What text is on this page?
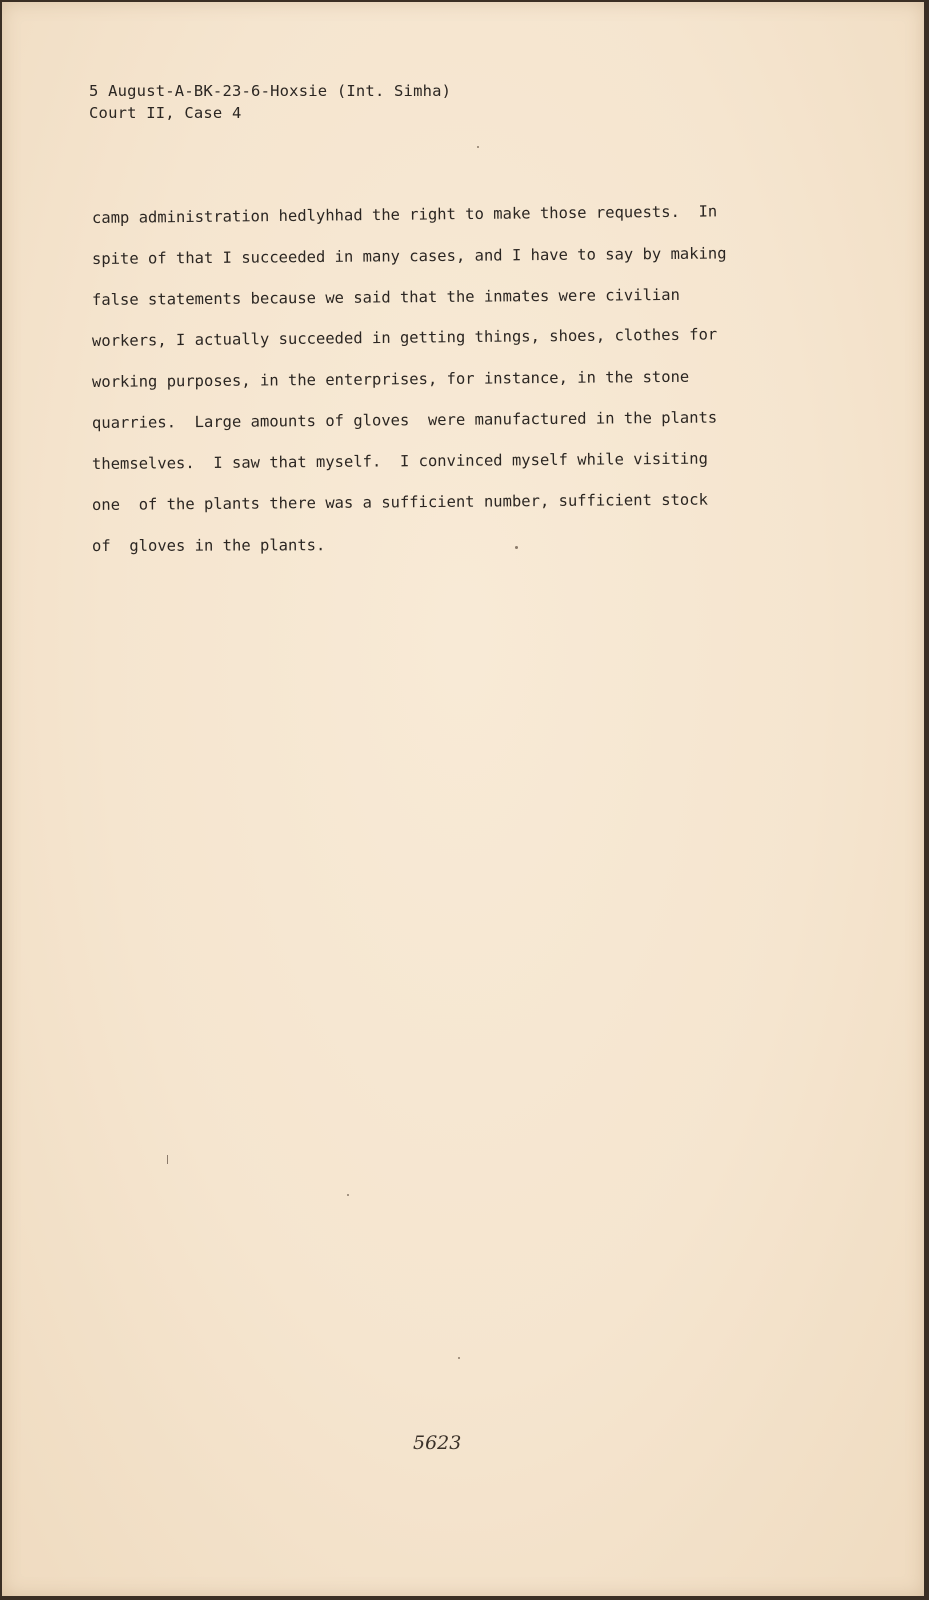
5 August-A-BK-23-6-Hoxsie (Int. Simha)
Court II, Case 4
camp administration hedlyhhad the right to make those requests.  In
spite of that I succeeded in many cases, and I have to say by making
false statements because we said that the inmates were civilian
workers, I actually succeeded in getting things, shoes, clothes for
working purposes, in the enterprises, for instance, in the stone
quarries.  Large amounts of gloves  were manufactured in the plants
themselves.  I saw that myself.  I convinced myself while visiting
one  of the plants there was a sufficient number, sufficient stock
of  gloves in the plants.
5623
